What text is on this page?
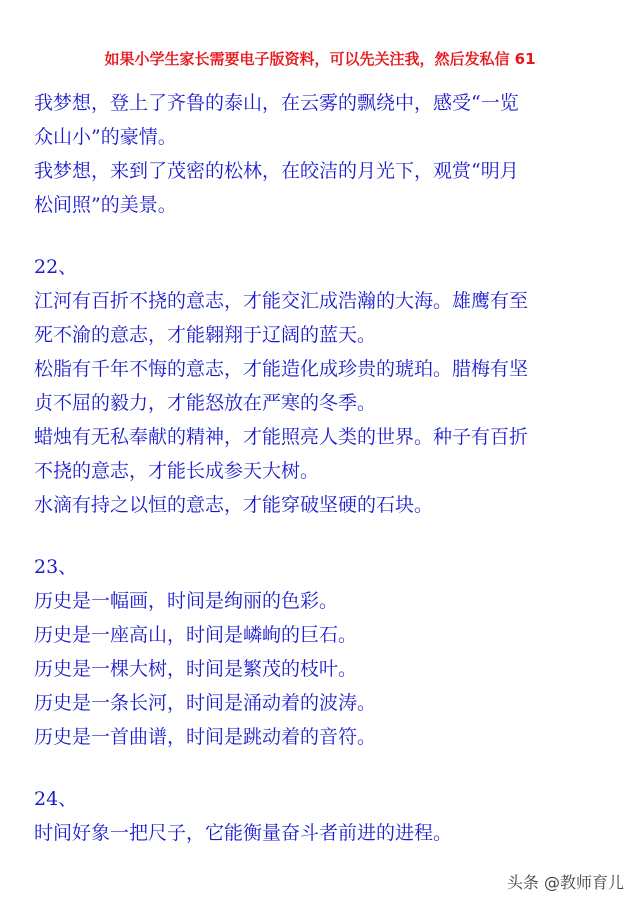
如果小学生家长需要电子版资料，可以先关注我，然后发私信 61
我梦想，登上了齐鲁的泰山，在云雾的飘绕中，感受“一览
众山小”的豪情。
我梦想，来到了茂密的松林，在皎洁的月光下，观赏“明月
松间照”的美景。
22、
江河有百折不挠的意志，才能交汇成浩瀚的大海。雄鹰有至
死不渝的意志，才能翱翔于辽阔的蓝天。
松脂有千年不悔的意志，才能造化成珍贵的琥珀。腊梅有坚
贞不屈的毅力，才能怒放在严寒的冬季。
蜡烛有无私奉献的精神，才能照亮人类的世界。种子有百折
不挠的意志，才能长成参天大树。
水滴有持之以恒的意志，才能穿破坚硬的石块。
23、
历史是一幅画，时间是绚丽的色彩。
历史是一座高山，时间是嶙峋的巨石。
历史是一棵大树，时间是繁茂的枝叶。
历史是一条长河，时间是涌动着的波涛。
历史是一首曲谱，时间是跳动着的音符。
24、
时间好象一把尺子，它能衡量奋斗者前进的进程。
头条 @教师育儿
